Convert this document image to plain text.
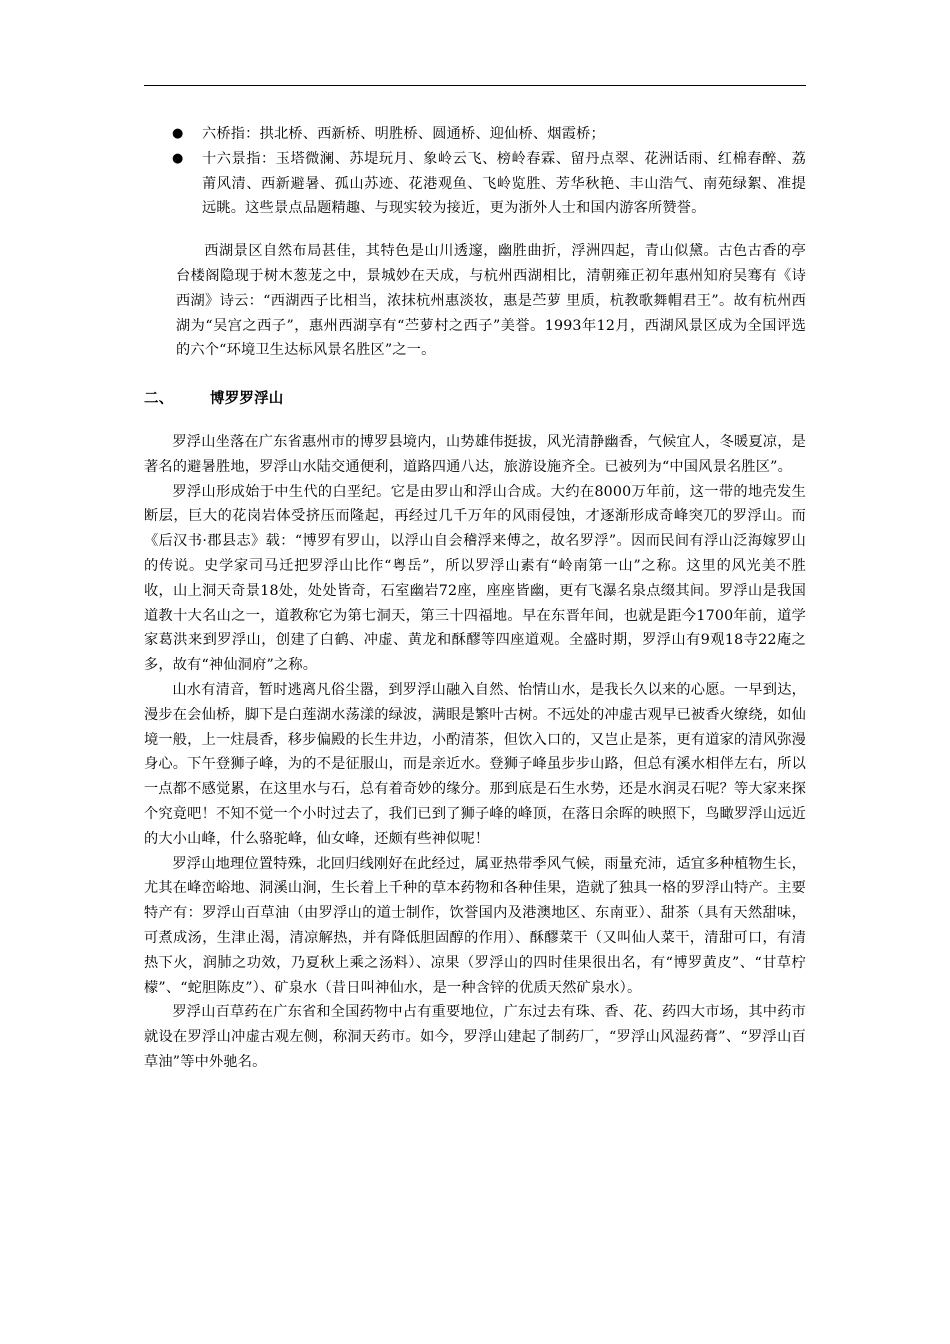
● 六桥指：拱北桥、西新桥、明胜桥、圆通桥、迎仙桥、烟霞桥；
● 十六景指：玉塔微澜、苏堤玩月、象岭云飞、榜岭春霖、留丹点翠、花洲话雨、红棉春醉、荔莆风清、西新避暑、孤山苏迹、花港观鱼、飞岭览胜、芳华秋艳、丰山浩气、南苑绿絮、准提远眺。这些景点品题精趣、与现实较为接近，更为浙外人士和国内游客所赞誉。

西湖景区自然布局甚佳，其特色是山川透邃，幽胜曲折，浮洲四起，青山似黛。古色古香的亭台楼阁隐现于树木葱茏之中，景城妙在天成，与杭州西湖相比，清朝雍正初年惠州知府吴骞有《诗西湖》诗云：“西湖西子比相当，浓抹杭州惠淡妆，惠是苎萝 里质，杭教歌舞帽君王”。故有杭州西湖为“吴宫之西子”，惠州西湖享有“苎萝村之西子”美誉。1993年12月，西湖风景区成为全国评选的六个“环境卫生达标风景名胜区”之一。

二、	博罗罗浮山

罗浮山坐落在广东省惠州市的博罗县境内，山势雄伟挺拔，风光清静幽香，气候宜人，冬暖夏凉，是著名的避暑胜地，罗浮山水陆交通便利，道路四通八达，旅游设施齐全。已被列为“中国风景名胜区”。

罗浮山形成始于中生代的白垩纪。它是由罗山和浮山合成。大约在8000万年前，这一带的地壳发生断层，巨大的花岗岩体受挤压而隆起，再经过几千万年的风雨侵蚀，才逐渐形成奇峰突兀的罗浮山。而《后汉书·郡县志》载：“博罗有罗山，以浮山自会稽浮来傅之，故名罗浮”。因而民间有浮山泛海嫁罗山的传说。史学家司马迁把罗浮山比作“粤岳”，所以罗浮山素有“岭南第一山”之称。这里的风光美不胜收，山上洞天奇景18处，处处皆奇，石室幽岩72座，座座皆幽，更有飞瀑名泉点缀其间。罗浮山是我国道教十大名山之一，道教称它为第七洞天，第三十四福地。早在东晋年间，也就是距今1700年前，道学家葛洪来到罗浮山，创建了白鹤、冲虚、黄龙和酥醪等四座道观。全盛时期，罗浮山有9观18寺22庵之多，故有“神仙洞府”之称。

山水有清音，暂时逃离凡俗尘嚣，到罗浮山融入自然、怡情山水，是我长久以来的心愿。一早到达，漫步在会仙桥，脚下是白莲湖水荡漾的绿波，满眼是繁叶古树。不远处的冲虚古观早已被香火缭绕，如仙境一般，上一炷晨香，移步偏殿的长生井边，小酌清茶，但饮入口的，又岂止是茶，更有道家的清风弥漫身心。下午登狮子峰，为的不是征服山，而是亲近水。登狮子峰虽步步山路，但总有溪水相伴左右，所以一点都不感觉累，在这里水与石，总有着奇妙的缘分。那到底是石生水势，还是水润灵石呢？等大家来探个究竟吧！不知不觉一个小时过去了，我们已到了狮子峰的峰顶，在落日余晖的映照下，鸟瞰罗浮山远近的大小山峰，什么骆驼峰，仙女峰，还颇有些神似呢！

罗浮山地理位置特殊，北回归线刚好在此经过，属亚热带季风气候，雨量充沛，适宜多种植物生长，尤其在峰峦峪地、洞溪山涧，生长着上千种的草本药物和各种佳果，造就了独具一格的罗浮山特产。主要特产有：罗浮山百草油（由罗浮山的道士制作，饮誉国内及港澳地区、东南亚）、甜茶（具有天然甜味，可煮成汤，生津止渴，清凉解热，并有降低胆固醇的作用）、酥醪菜干（又叫仙人菜干，清甜可口，有清热下火，润肺之功效，乃夏秋上乘之汤料）、凉果（罗浮山的四时佳果很出名，有“博罗黄皮”、“甘草柠檬”、“蛇胆陈皮”）、矿泉水（昔日叫神仙水，是一种含锌的优质天然矿泉水）。

罗浮山百草药在广东省和全国药物中占有重要地位，广东过去有珠、香、花、药四大市场，其中药市就设在罗浮山冲虚古观左侧，称洞天药市。如今，罗浮山建起了制药厂，“罗浮山风湿药膏”、“罗浮山百草油”等中外驰名。
